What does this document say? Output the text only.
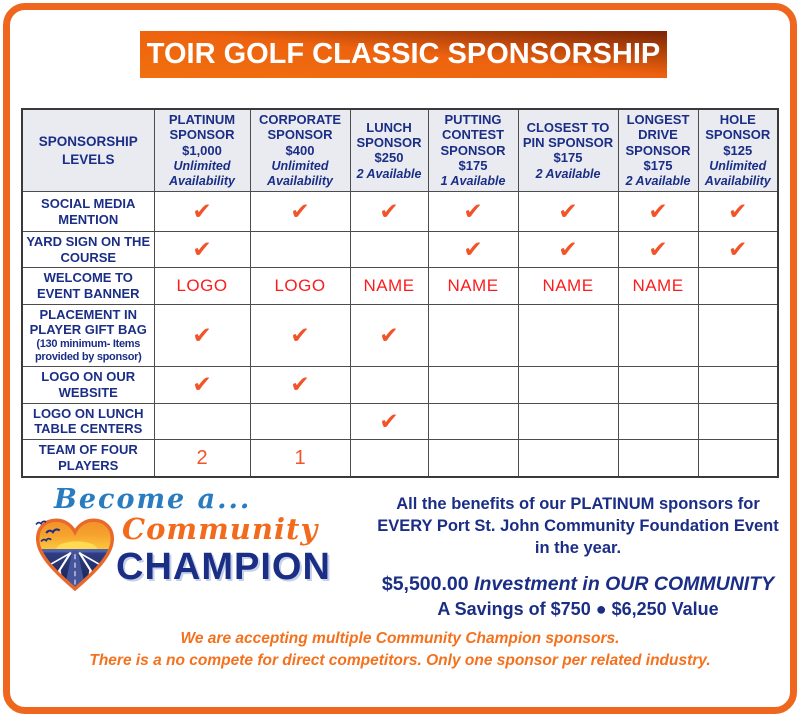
TOIR GOLF CLASSIC SPONSORSHIP
SPONSORSHIP LEVELS	PLATINUM SPONSOR
$1,000
Unlimited Availability	CORPORATE SPONSOR
$400
Unlimited Availability	LUNCH SPONSOR
$250
2 Available	PUTTING CONTEST SPONSOR
$175
1 Available	CLOSEST TO PIN SPONSOR
$175
2 Available	LONGEST DRIVE SPONSOR
$175
2 Available	HOLE SPONSOR
$125
Unlimited Availability

SOCIAL MEDIA MENTION	✔	✔	✔	✔	✔	✔	✔
YARD SIGN ON THE COURSE	✔			✔	✔	✔	✔
WELCOME TO EVENT BANNER	LOGO	LOGO	NAME	NAME	NAME	NAME	
PLACEMENT IN PLAYER GIFT BAG
(130 minimum- Items provided by sponsor)	✔	✔	✔				
LOGO ON OUR WEBSITE	✔	✔					
LOGO ON LUNCH TABLE CENTERS			✔				
TEAM OF FOUR PLAYERS	2	1					
Become a...
Community
CHAMPION

All the benefits of our PLATINUM sponsors for EVERY Port St. John Community Foundation Event in the year.

$5,500.00 Investment in OUR COMMUNITY

A Savings of $750 ● $6,250 Value

We are accepting multiple Community Champion sponsors.

There is a no compete for direct competitors. Only one sponsor per related industry.
